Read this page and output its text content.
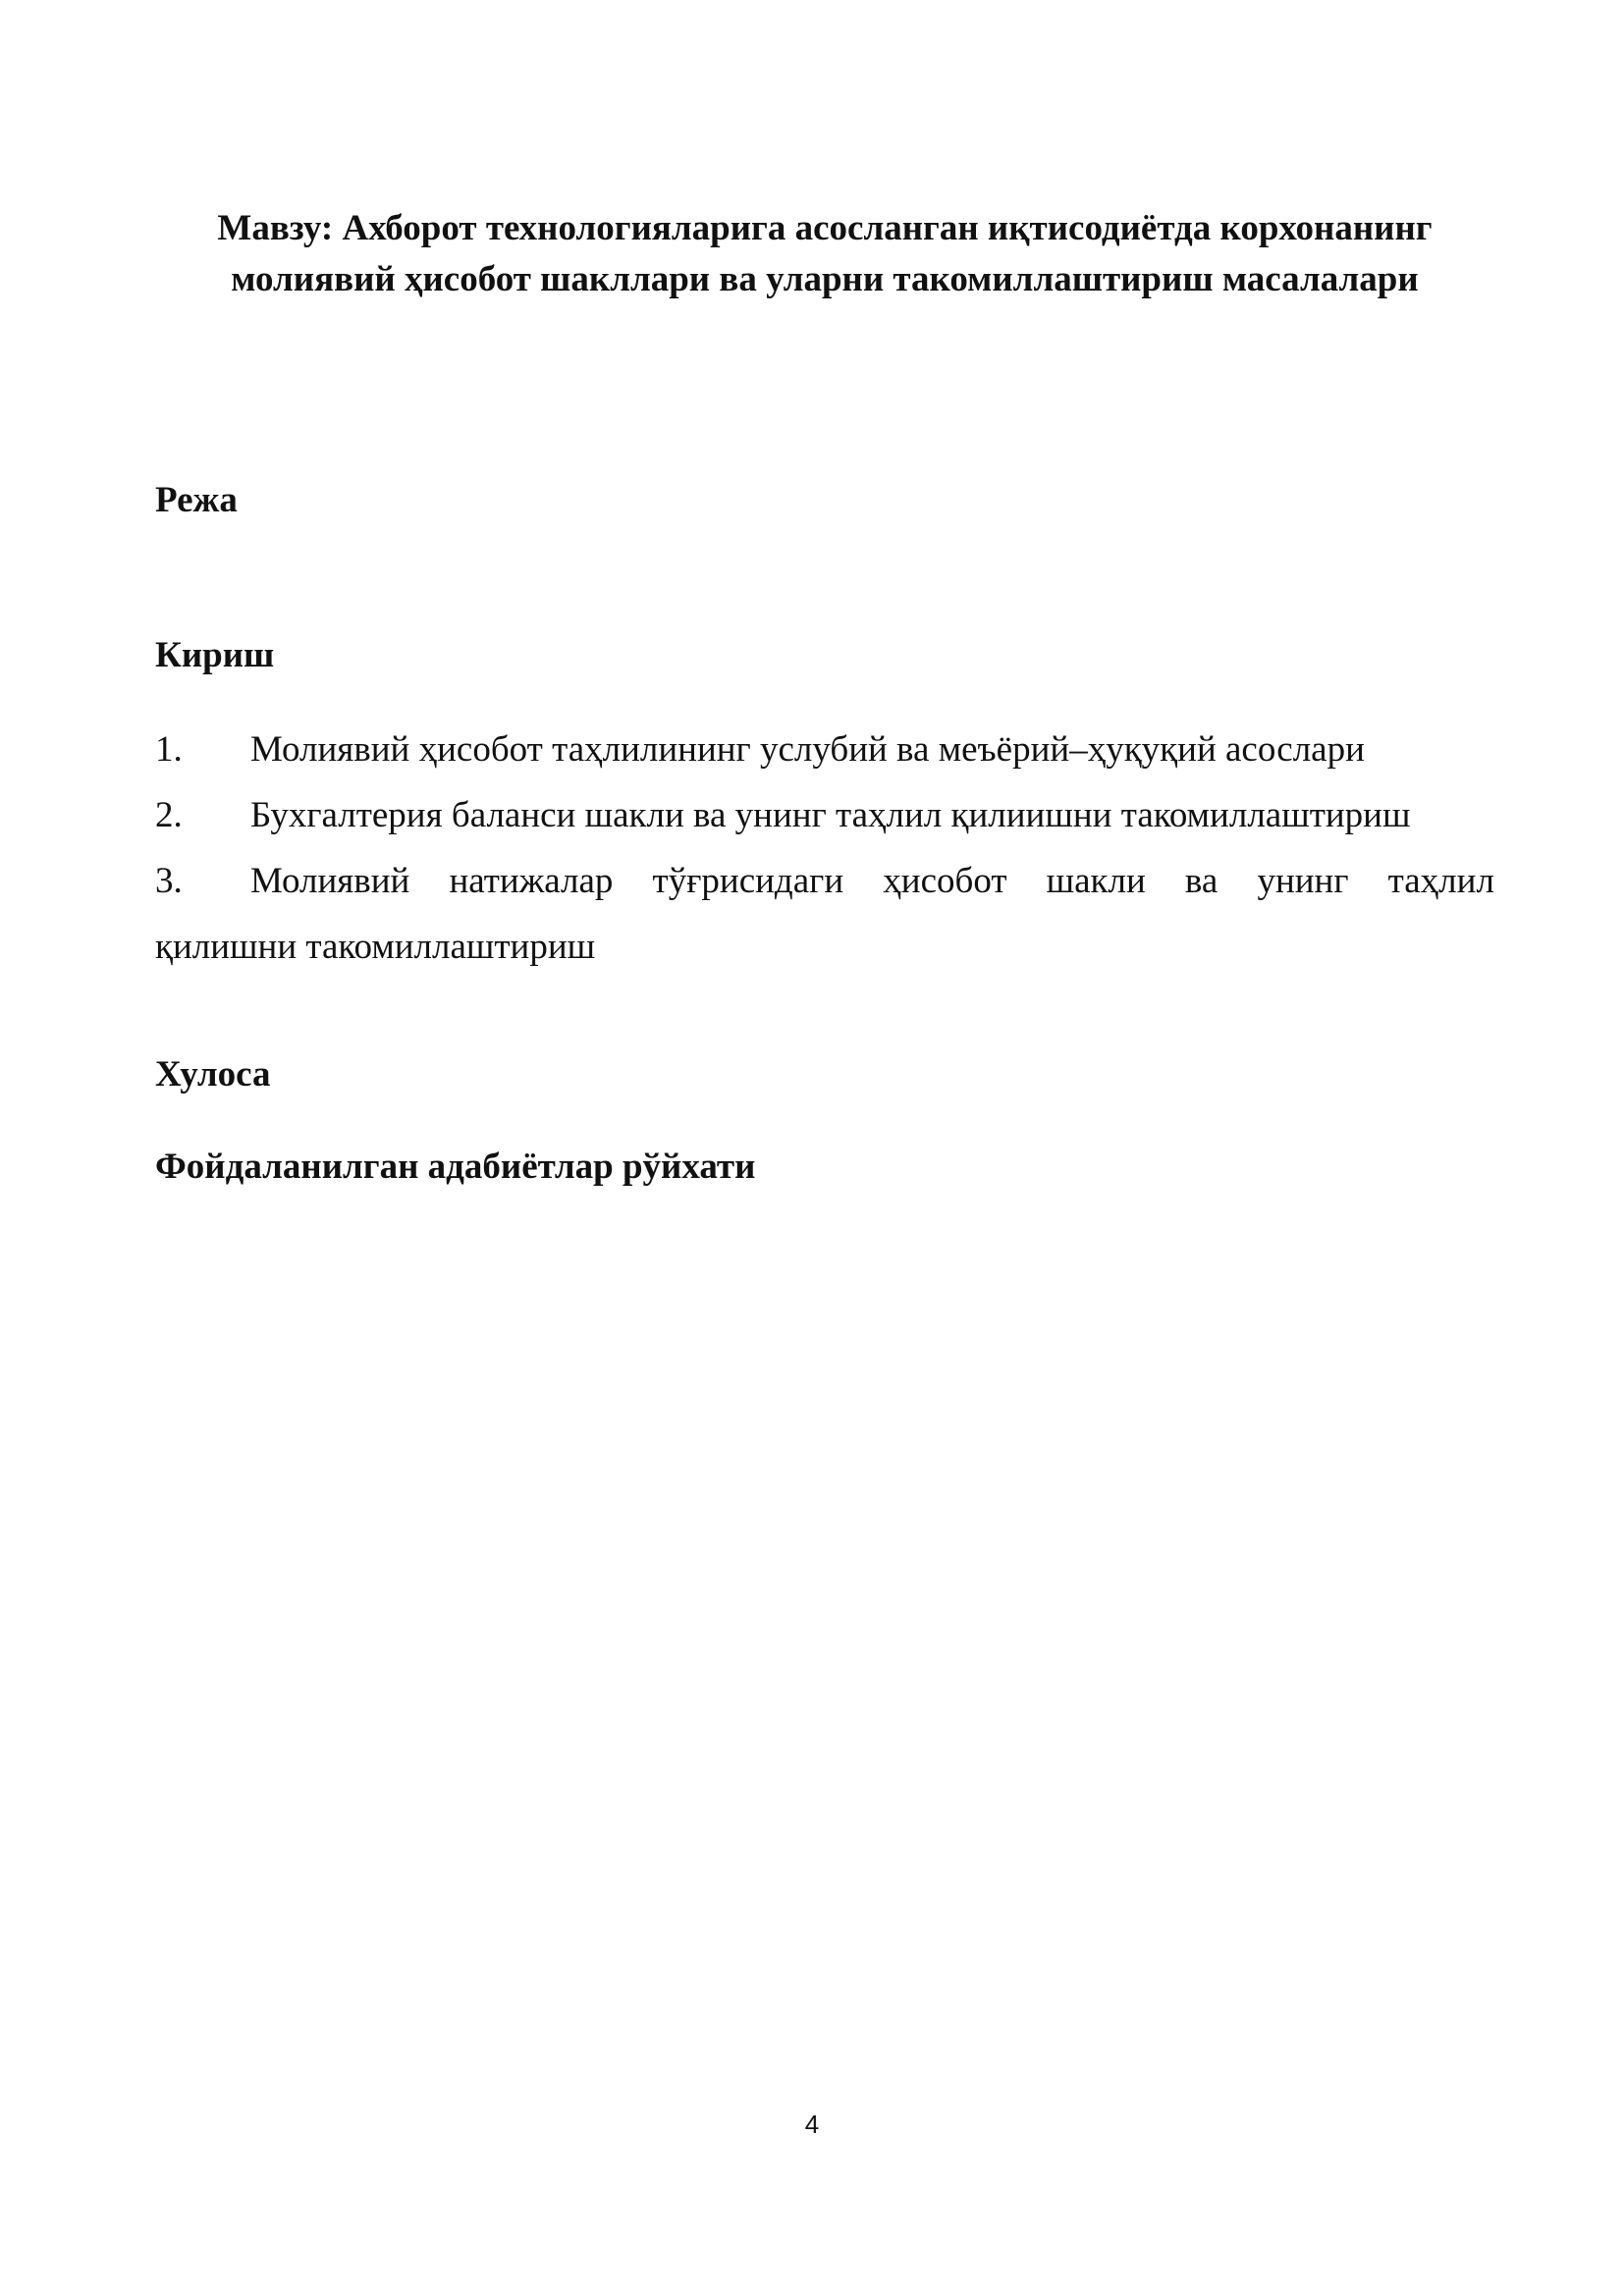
Мавзу: Ахборот технологияларига асосланган иқтисодиётда корхонанинг
молиявий ҳисобот шакллари ва уларни такомиллаштириш масалалари
Режа
Кириш
1. Молиявий ҳисобот таҳлилининг услубий ва меъёрий–ҳуқуқий асослари
2. Бухгалтерия баланси шакли ва унинг таҳлил қилиишни такомиллаштириш
3.	Молиявий натижалар тўғрисидаги ҳисобот шакли ва унинг таҳлил
қилишни такомиллаштириш
Хулоса
Фойдаланилган адабиётлар рўйхати
4
